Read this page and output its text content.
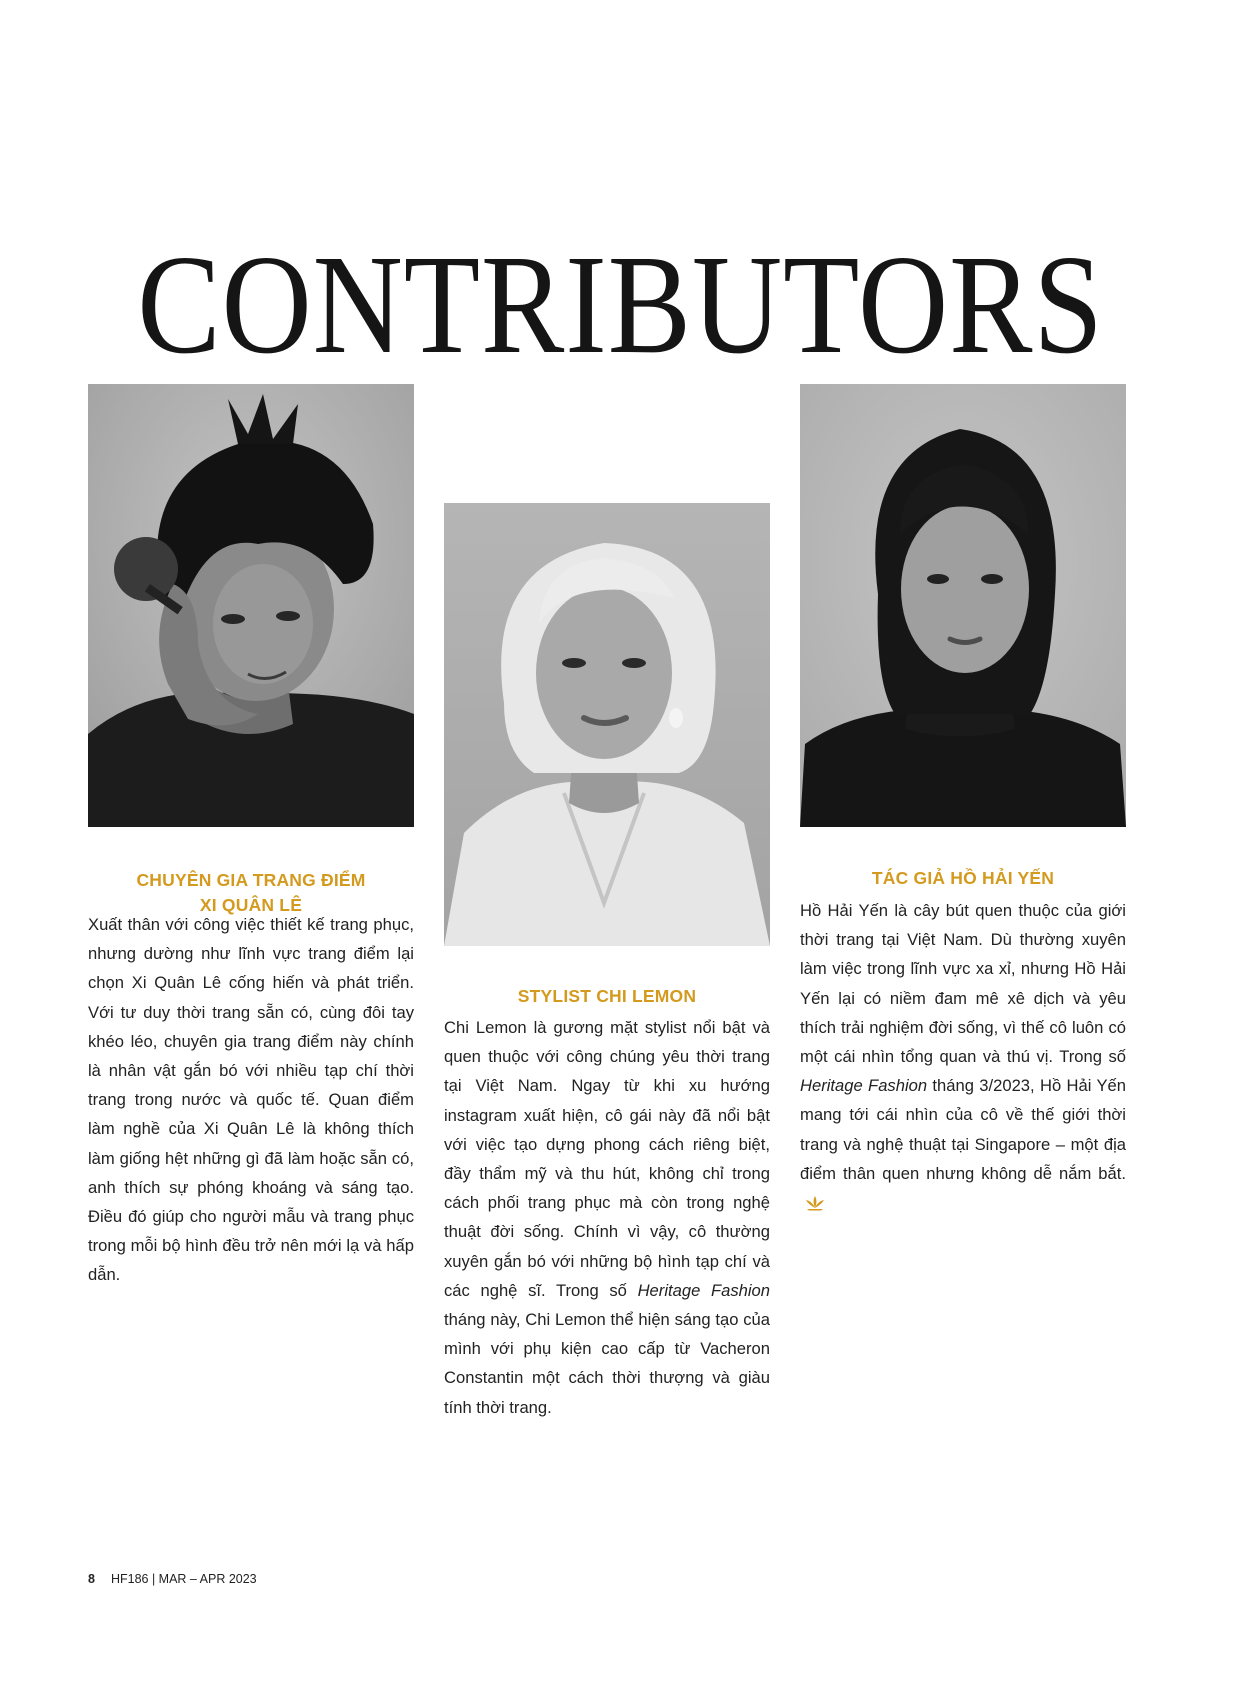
CONTRIBUTORS
CHUYÊN GIA TRANG ĐIỂM
XI QUÂN LÊ

Xuất thân với công việc thiết kế trang phục, nhưng dường như lĩnh vực trang điểm lại chọn Xi Quân Lê cống hiến và phát triển. Với tư duy thời trang sẵn có, cùng đôi tay khéo léo, chuyên gia trang điểm này chính là nhân vật gắn bó với nhiều tạp chí thời trang trong nước và quốc tế. Quan điểm làm nghề của Xi Quân Lê là không thích làm giống hệt những gì đã làm hoặc sẵn có, anh thích sự phóng khoáng và sáng tạo. Điều đó giúp cho người mẫu và trang phục trong mỗi bộ hình đều trở nên mới lạ và hấp dẫn.

STYLIST CHI LEMON

Chi Lemon là gương mặt stylist nổi bật và quen thuộc với công chúng yêu thời trang tại Việt Nam. Ngay từ khi xu hướng instagram xuất hiện, cô gái này đã nổi bật với việc tạo dựng phong cách riêng biệt, đầy thẩm mỹ và thu hút, không chỉ trong cách phối trang phục mà còn trong nghệ thuật đời sống. Chính vì vậy, cô thường xuyên gắn bó với những bộ hình tạp chí và các nghệ sĩ. Trong số Heritage Fashion tháng này, Chi Lemon thể hiện sáng tạo của mình với phụ kiện cao cấp từ Vacheron Constantin một cách thời thượng và giàu tính thời trang.

TÁC GIẢ HỒ HẢI YẾN

Hồ Hải Yến là cây bút quen thuộc của giới thời trang tại Việt Nam. Dù thường xuyên làm việc trong lĩnh vực xa xỉ, nhưng Hồ Hải Yến lại có niềm đam mê xê dịch và yêu thích trải nghiệm đời sống, vì thế cô luôn có một cái nhìn tổng quan và thú vị. Trong số Heritage Fashion tháng 3/2023, Hồ Hải Yến mang tới cái nhìn của cô về thế giới thời trang và nghệ thuật tại Singapore – một địa điểm thân quen nhưng không dễ nắm bắt.

8 HF186 | MAR – APR 2023
